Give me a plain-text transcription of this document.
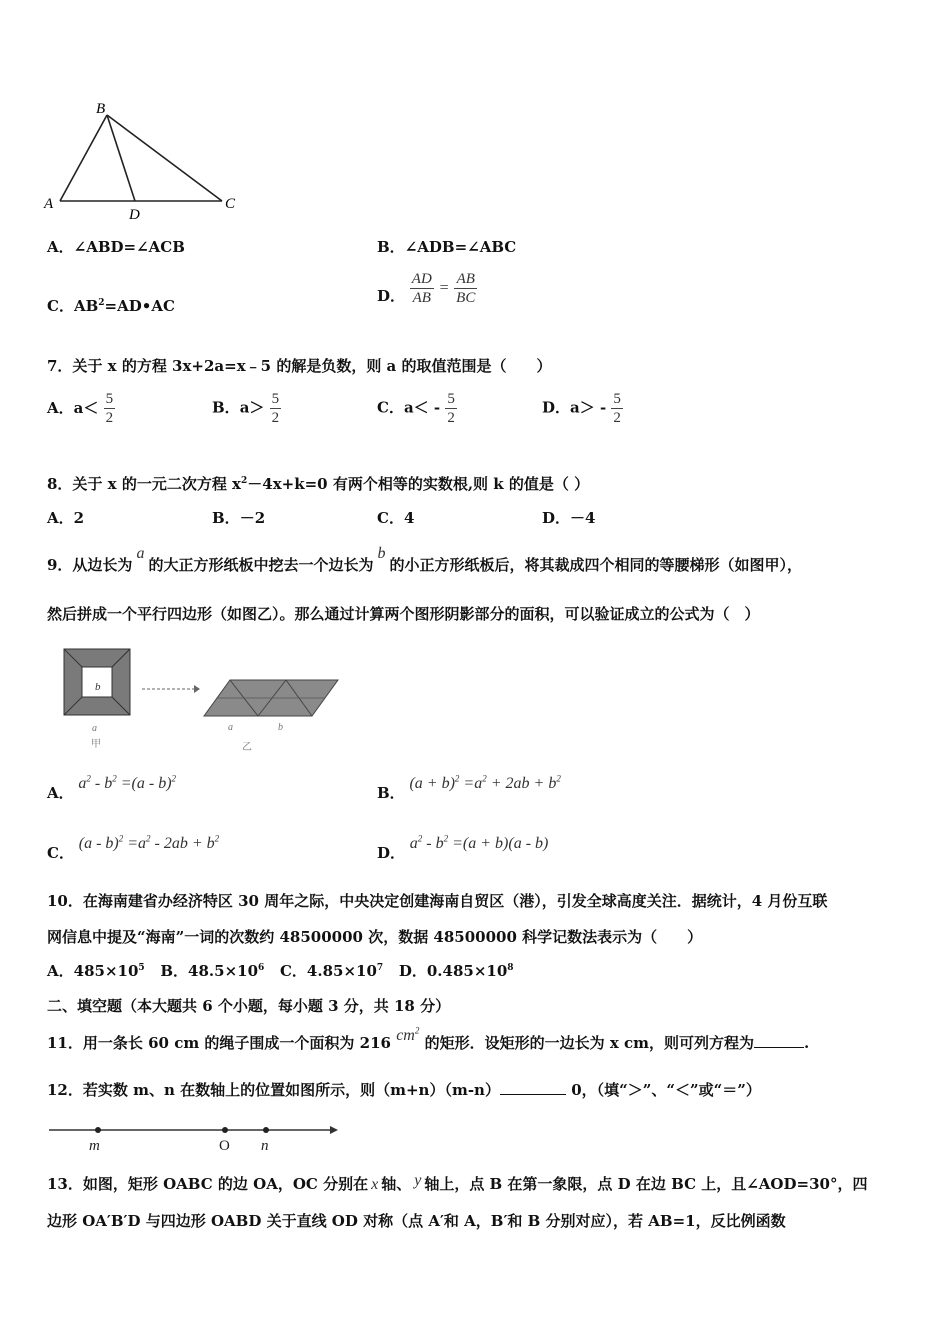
B
A
D
C
A．∠ABD=∠ACB	B．∠ADB=∠ABC
C．$AB^2=AD•AC$
D． $\frac{AD}{AB} = \frac{AB}{BC}$
7．关于 x 的方程 3x+2a=x﹣5 的解是负数，则 a 的取值范围是（　　）
A．$a< \frac{5}{2}$	B．$a> \frac{5}{2}$	C．$a< - \frac{5}{2}$	D．$a> - \frac{5}{2}$
8．关于 x 的一元二次方程 $x^2-4x+k=0$ 有两个相等的实数根,则 k 的值是（ ）
A．2	B．－2	C．4	D．－4
9．从边长为a的大正方形纸板中挖去一个边长为b的小正方形纸板后，将其裁成四个相同的等腰梯形（如图甲），
然后拼成一个平行四边形（如图乙）。那么通过计算两个图形阴影部分的面积，可以验证成立的公式为（　）
b
a
甲
a	b
乙
A． $a^2 - b^2 =(a - b)^2$
B． $(a + b)^2 =a^2 + 2ab + b^2$
C． $(a - b)^2 =a^2 - 2ab + b^2$
D． $a^2 - b^2 =(a + b)(a - b)$
10．在海南建省办经济特区 30 周年之际，中央决定创建海南自贸区（港），引发全球高度关注．据统计，4 月份互联
网信息中提及“海南”一词的次数约 48500000 次，数据 48500000 科学记数法表示为（　　）
A．$485\times 10^5$ B．$48.5\times 10^6$ C．$4.85\times 10^7$ D．$0.485\times 10^8$
二、填空题（本大题共 6 个小题，每小题 3 分，共 18 分）
11．用一条长 60 cm 的绳子围成一个面积为 216 $cm^2$ 的矩形．设矩形的一边长为 x cm，则可列方程为	.
12．若实数 m、n 在数轴上的位置如图所示，则（m+n）（m-n）	0，（填“＞”、“＜”或“＝”）
m	O n
13．如图，矩形 OABC 的边 OA，OC 分别在 x 轴、 y 轴上，点 B 在第一象限，点 D 在边 BC 上，且∠AOD=30°，四
边形 OA′B′D 与四边形 OABD 关于直线 OD 对称（点 A′和 A，B′和 B 分别对应），若 AB=1，反比例函数
